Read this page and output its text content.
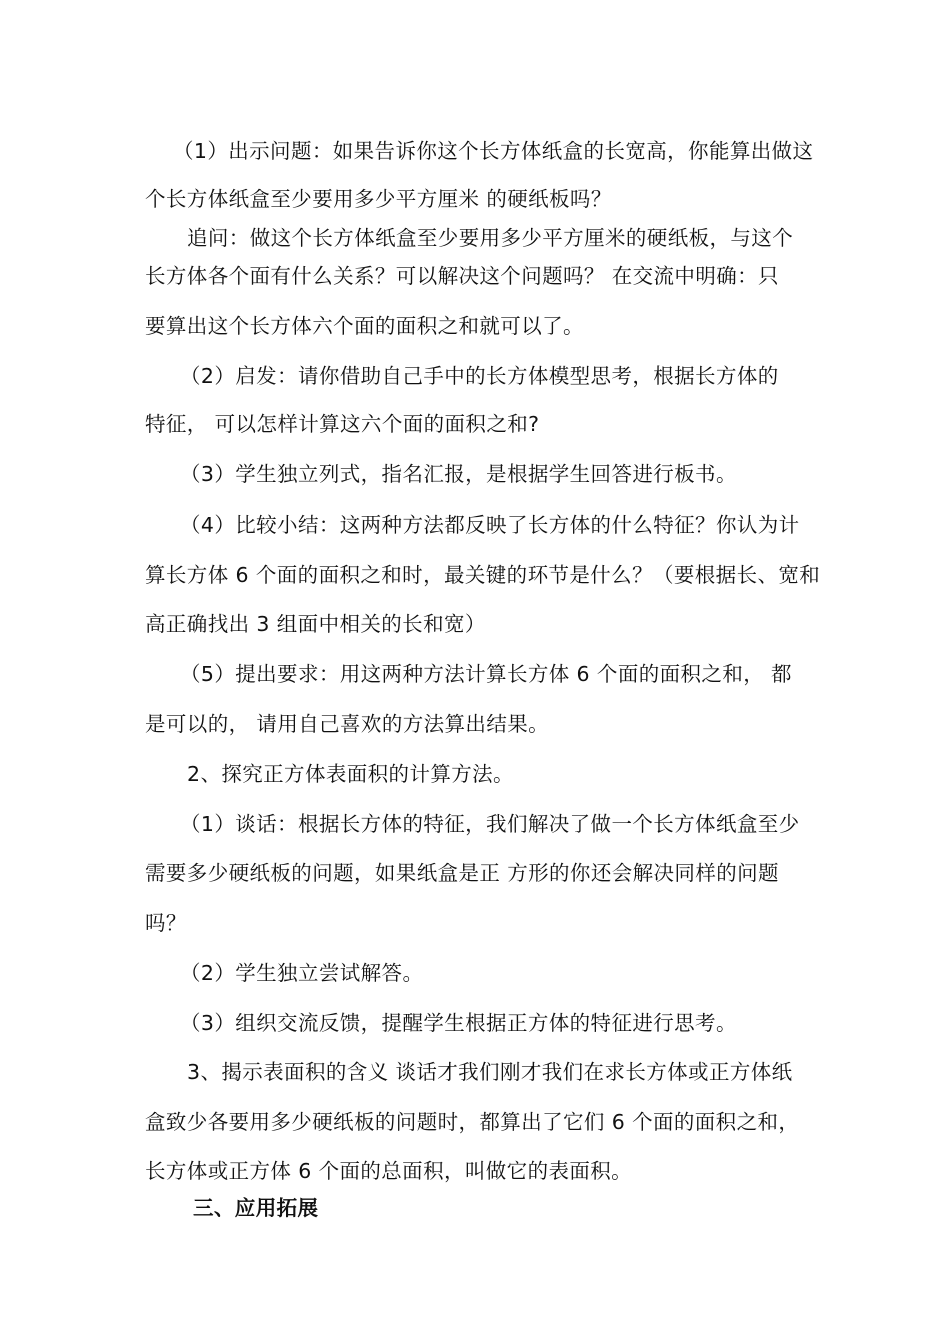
（1）出示问题：如果告诉你这个长方体纸盒的长宽高，你能算出做这
个长方体纸盒至少要用多少平方厘米 的硬纸板吗？
追问：做这个长方体纸盒至少要用多少平方厘米的硬纸板，与这个
长方体各个面有什么关系？可以解决这个问题吗？ 在交流中明确：只
要算出这个长方体六个面的面积之和就可以了。
（2）启发：请你借助自己手中的长方体模型思考，根据长方体的
特征， 可以怎样计算这六个面的面积之和?
（3）学生独立列式，指名汇报，是根据学生回答进行板书。
（4）比较小结：这两种方法都反映了长方体的什么特征？你认为计
算长方体 6 个面的面积之和时，最关键的环节是什么？（要根据长、宽和
高正确找出 3 组面中相关的长和宽）
（5）提出要求：用这两种方法计算长方体 6 个面的面积之和， 都
是可以的， 请用自己喜欢的方法算出结果。
2、探究正方体表面积的计算方法。
（1）谈话：根据长方体的特征，我们解决了做一个长方体纸盒至少
需要多少硬纸板的问题，如果纸盒是正 方形的你还会解决同样的问题
吗？
（2）学生独立尝试解答。
（3）组织交流反馈，提醒学生根据正方体的特征进行思考。
3、揭示表面积的含义 谈话才我们刚才我们在求长方体或正方体纸
盒致少各要用多少硬纸板的问题时，都算出了它们 6 个面的面积之和，
长方体或正方体 6 个面的总面积，叫做它的表面积。
三、应用拓展
